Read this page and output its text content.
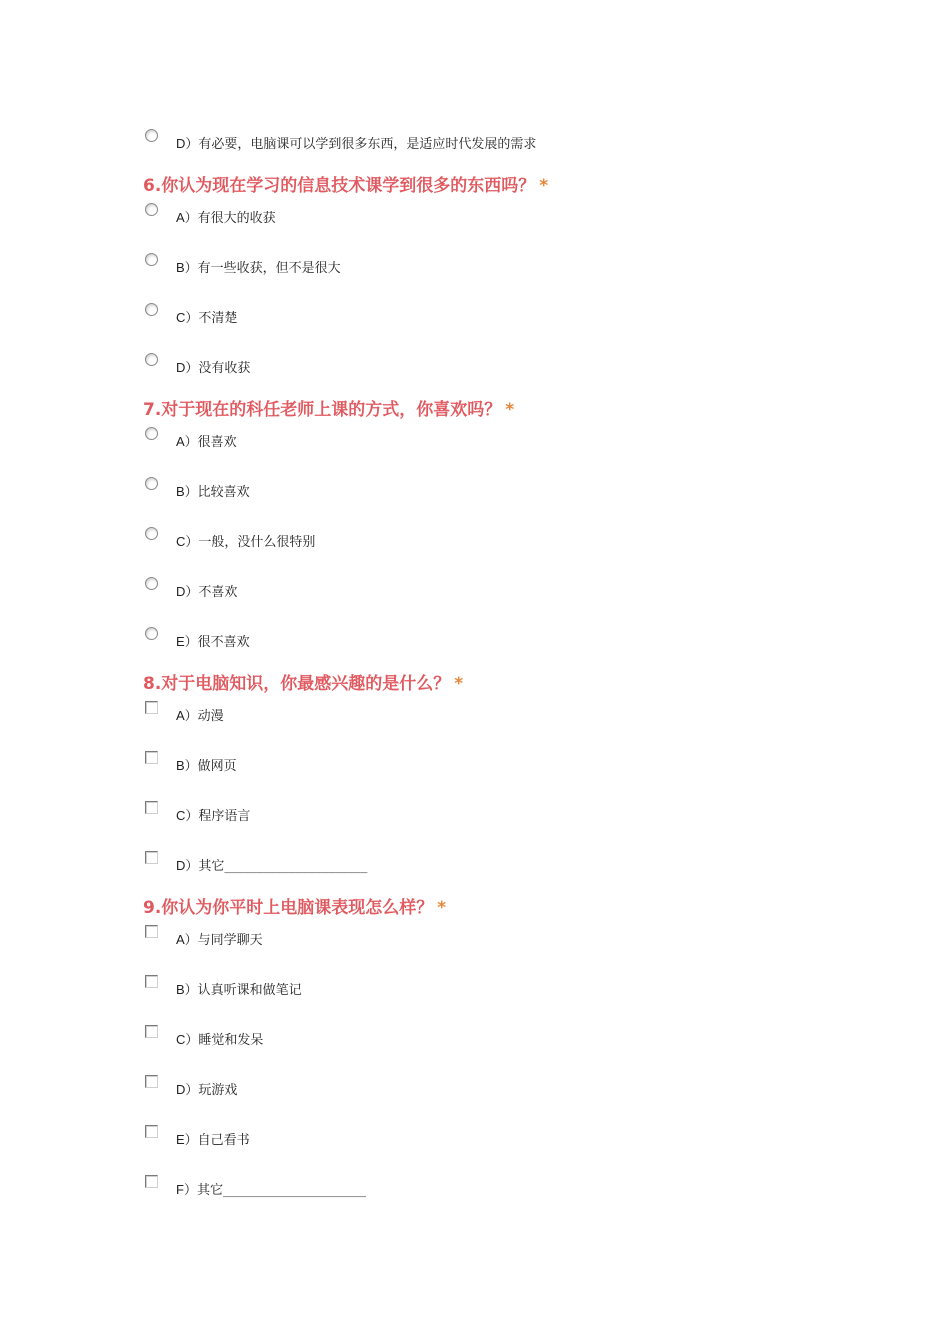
D）有必要，电脑课可以学到很多东西，是适应时代发展的需求
6.你认为现在学习的信息技术课学到很多的东西吗？ *
A）有很大的收获
B）有一些收获，但不是很大
C）不清楚
D）没有收获
7.对于现在的科任老师上课的方式，你喜欢吗？ *
A）很喜欢
B）比较喜欢
C）一般，没什么很特别
D）不喜欢
E）很不喜欢
8.对于电脑知识，你最感兴趣的是什么？ *
A）动漫
B）做网页
C）程序语言
D）其它______________________
9.你认为你平时上电脑课表现怎么样？ *
A）与同学聊天
B）认真听课和做笔记
C）睡觉和发呆
D）玩游戏
E）自己看书
F）其它______________________
